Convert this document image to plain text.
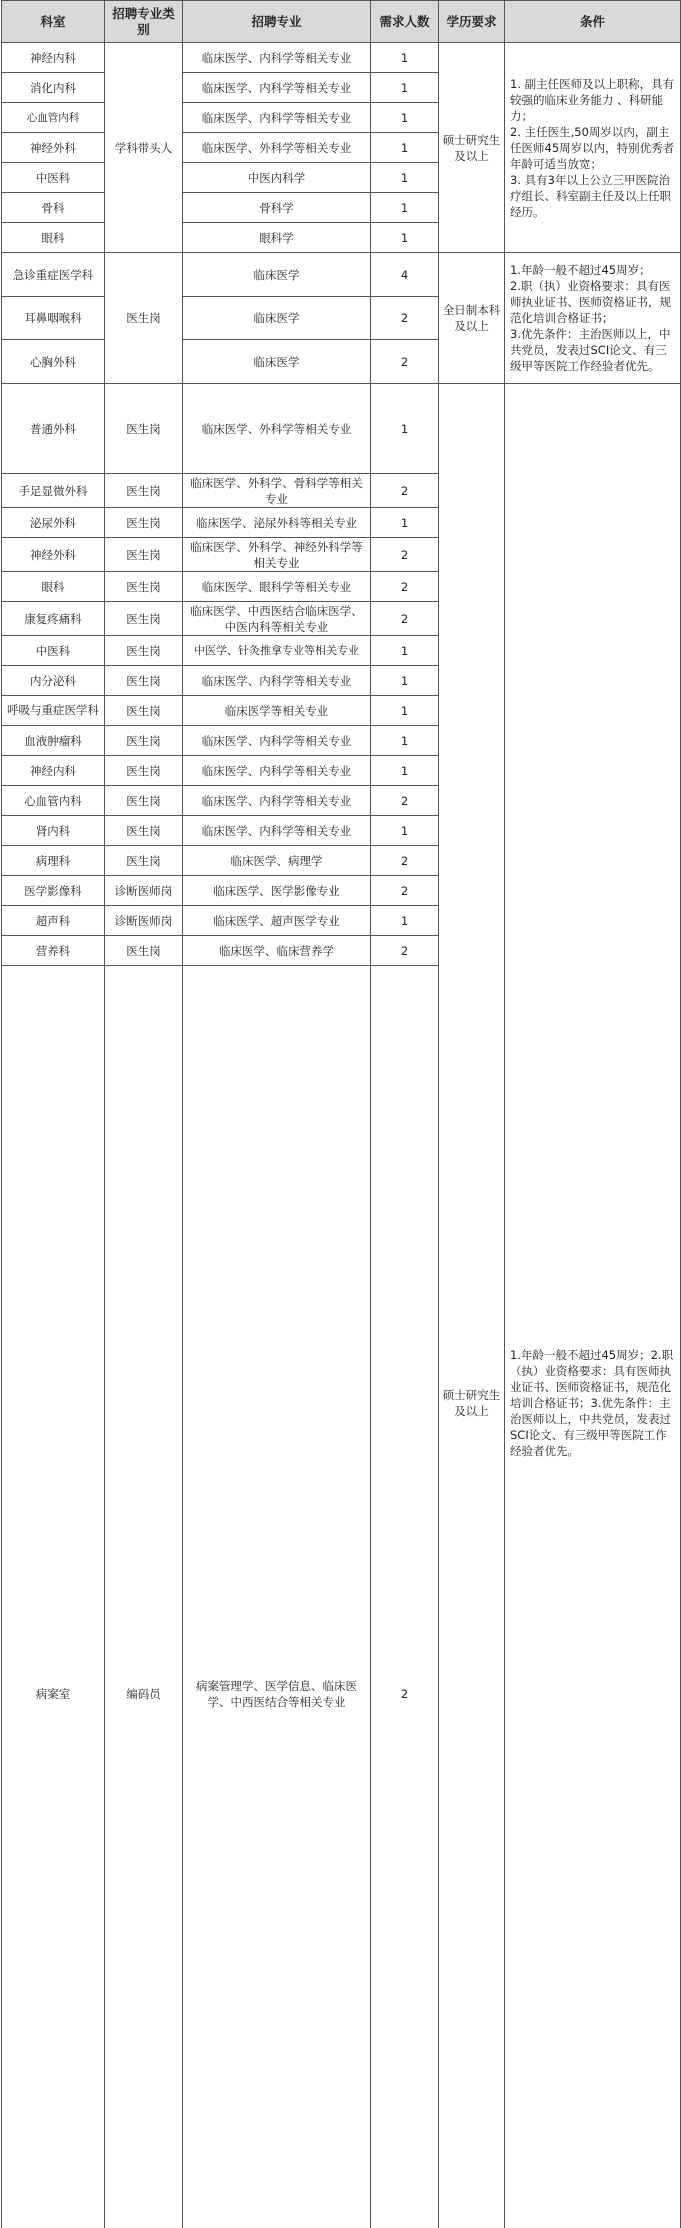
科室	招聘专业类别	招聘专业	需求人数	学历要求	条件	
神经内科	学科带头人	临床医学、内科学等相关专业	1	硕士研究生及以上	1. 副主任医师及以上职称，具有较强的临床业务能力 、科研能力；
2. 主任医生,50周岁以内，副主任医师45周岁以内，特别优秀者年龄可适当放宽；
3. 具有3年以上公立三甲医院治疗组长、科室副主任及以上任职经历。	
消化内科		临床医学、内科学等相关专业	1			
心血管内科		临床医学、内科学等相关专业	1			
神经外科		临床医学、外科学等相关专业	1			
中医科		中医内科学	1			
骨科		骨科学	1			
眼科		眼科学	1			
急诊重症医学科	医生岗	临床医学	4	全日制本科及以上	1.年龄一般不超过45周岁；
2.职（执）业资格要求：具有医师执业证书、医师资格证书，规范化培训合格证书；
3.优先条件：主治医师以上，中共党员，发表过SCI论文、有三级甲等医院工作经验者优先。	
耳鼻咽喉科		临床医学	2			
心胸外科		临床医学	2			
普通外科	医生岗	临床医学、外科学等相关专业	1	硕士研究生及以上	1.年龄一般不超过45周岁；2.职（执）业资格要求：具有医师执业证书、医师资格证书，规范化培训合格证书；3.优先条件：主治医师以上，中共党员，发表过SCI论文、有三级甲等医院工作经验者优先。	
手足显微外科	医生岗	临床医学、外科学、骨科学等相关专业	2			
泌尿外科	医生岗	临床医学、泌尿外科等相关专业	1			
神经外科	医生岗	临床医学、外科学、神经外科学等相关专业	2			
眼科	医生岗	临床医学、眼科学等相关专业	2			
康复疼痛科	医生岗	临床医学、中西医结合临床医学、中医内科等相关专业	2			
中医科	医生岗	中医学、针灸推拿专业等相关专业	1			
内分泌科	医生岗	临床医学、内科学等相关专业	1			
呼吸与重症医学科	医生岗	临床医学等相关专业	1			
血液肿瘤科	医生岗	临床医学、内科学等相关专业	1			
神经内科	医生岗	临床医学、内科学等相关专业	1			
心血管内科	医生岗	临床医学、内科学等相关专业	2			
肾内科	医生岗	临床医学、内科学等相关专业	1			
病理科	医生岗	临床医学、病理学	2			
医学影像科	诊断医师岗	临床医学、医学影像专业	2			
超声科	诊断医师岗	临床医学、超声医学专业	1			
营养科	医生岗	临床医学、临床营养学	2			
病案室	编码员	病案管理学、医学信息、临床医学、中西医结合等相关专业	2		
